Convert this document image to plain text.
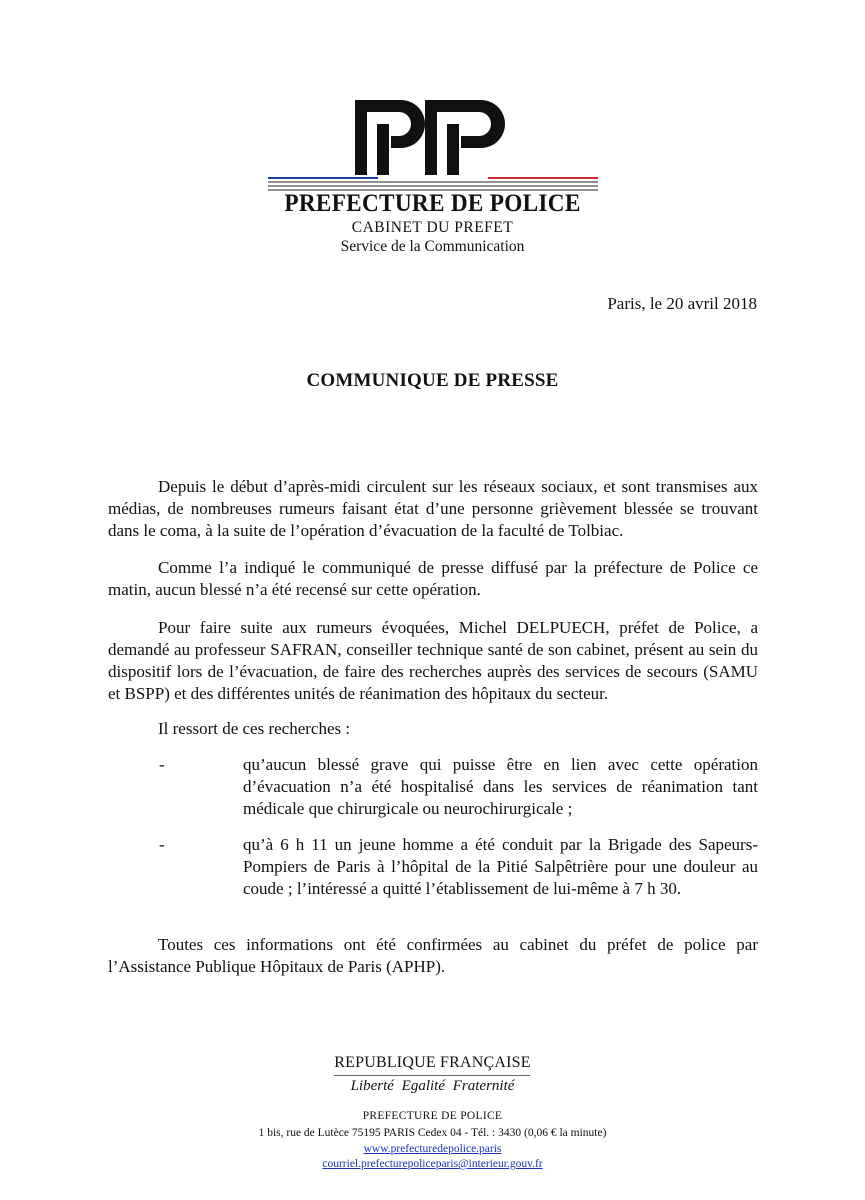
PREFECTURE DE POLICE
CABINET DU PREFET
Service de la Communication
Paris, le 20 avril 2018
COMMUNIQUE DE PRESSE

Depuis le début d’après-midi circulent sur les réseaux sociaux, et sont transmises aux médias, de nombreuses rumeurs faisant état d’une personne grièvement blessée se trouvant dans le coma, à la suite de l’opération d’évacuation de la faculté de Tolbiac.

Comme l’a indiqué le communiqué de presse diffusé par la préfecture de Police ce matin, aucun blessé n’a été recensé sur cette opération.

Pour faire suite aux rumeurs évoquées, Michel DELPUECH, préfet de Police, a demandé au professeur SAFRAN, conseiller technique santé de son cabinet, présent au sein du dispositif lors de l’évacuation, de faire des recherches auprès des services de secours (SAMU et BSPP) et des différentes unités de réanimation des hôpitaux du secteur.

Il ressort de ces recherches :

-	qu’aucun blessé grave qui puisse être en lien avec cette opération d’évacuation n’a été hospitalisé dans les services de réanimation tant médicale que chirurgicale ou neurochirurgicale ;

-	qu’à 6 h 11 un jeune homme a été conduit par la Brigade des Sapeurs-Pompiers de Paris à l’hôpital de la Pitié Salpêtrière pour une douleur au coude ; l’intéressé a quitté l’établissement de lui-même à 7 h 30.

Toutes ces informations ont été confirmées au cabinet du préfet de police par l’Assistance Publique Hôpitaux de Paris (APHP).

REPUBLIQUE FRANÇAISE
Liberté Egalité Fraternité
PREFECTURE DE POLICE
1 bis, rue de Lutèce 75195 PARIS Cedex 04 - Tél. : 3430 (0,06 € la minute)
www.prefecturedepolice.paris
courriel.prefecturepoliceparis@interieur.gouv.fr
